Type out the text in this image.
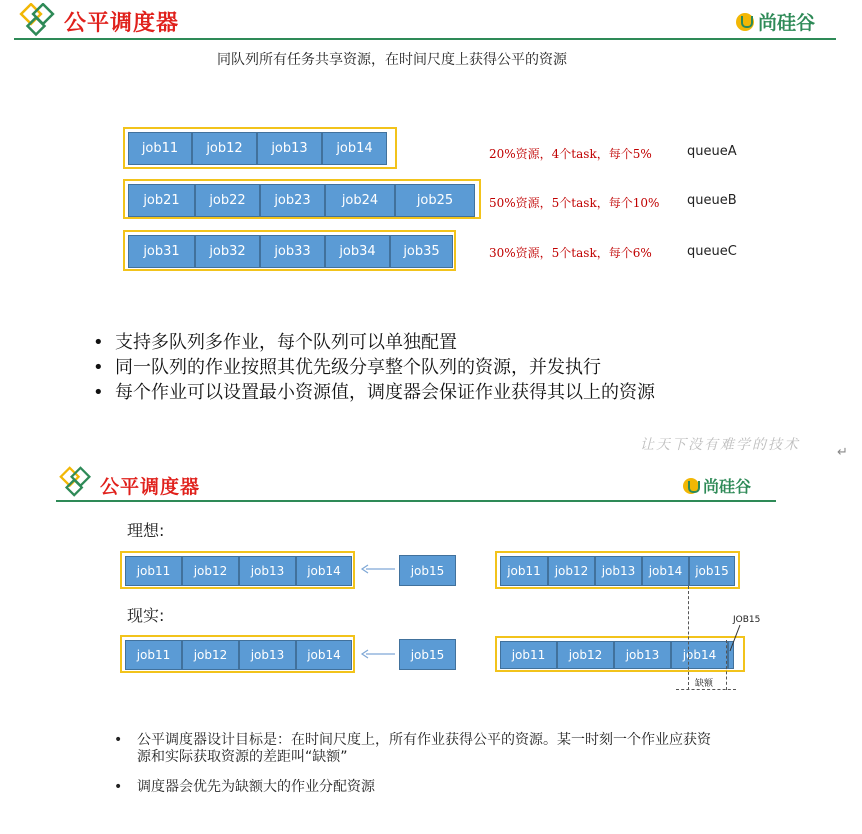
公平调度器	尚硅谷
同队列所有任务共享资源，在时间尺度上获得公平的资源
job11	job12	job13	job14	20%资源，4个task，每个5%	queueA
job21	job22	job23	job24	job25	50%资源，5个task，每个10% queueB
job31	job32	job33	job34	job35	30%资源，5个task，每个6%	queueC
• 支持多队列多作业，每个队列可以单独配置
• 同一队列的作业按照其优先级分享整个队列的资源，并发执行
• 每个作业可以设置最小资源值，调度器会保证作业获得其以上的资源
让天下没有难学的技术	↵
公平调度器	尚硅谷
理想:
job11	job12	job13	job14	job15	job11	job12	job13	job14	job15
现实:
job11	job12	job13	job14	job15	job11	job12	job13	job14
缺额
JOB15
•	公平调度器设计目标是：在时间尺度上，所有作业获得公平的资源。某一时刻一个作业应获资源和实际获取资源的差距叫“缺额”
•	调度器会优先为缺额大的作业分配资源
